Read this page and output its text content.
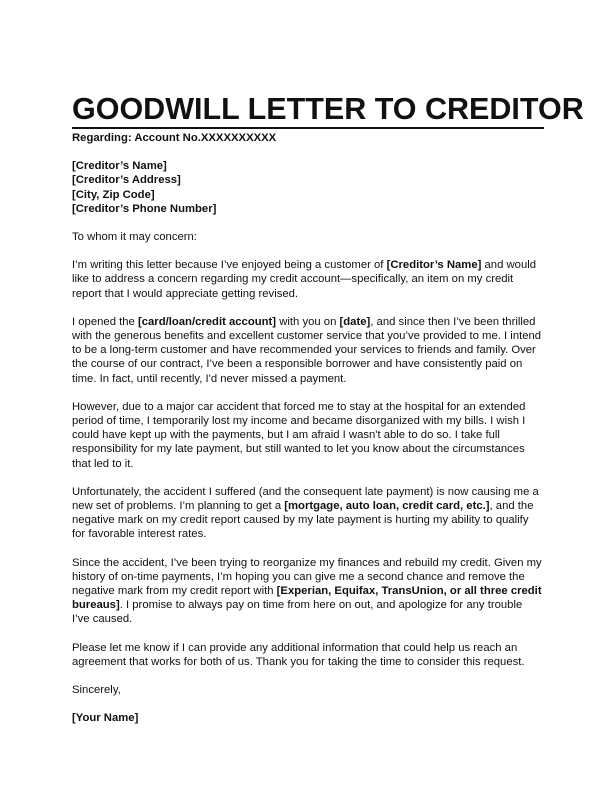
GOODWILL LETTER TO CREDITOR
Regarding: Account No.XXXXXXXXXX
[Creditor’s Name]
[Creditor’s Address]
[City, Zip Code]
[Creditor’s Phone Number]
To whom it may concern:
I’m writing this letter because I’ve enjoyed being a customer of [Creditor’s Name] and would like to address a concern regarding my credit account—specifically, an item on my credit report that I would appreciate getting revised.
I opened the [card/loan/credit account] with you on [date], and since then I’ve been thrilled with the generous benefits and excellent customer service that you’ve provided to me. I intend to be a long-term customer and have recommended your services to friends and family. Over the course of our contract, I’ve been a responsible borrower and have consistently paid on time. In fact, until recently, I'd never missed a payment.
However, due to a major car accident that forced me to stay at the hospital for an extended period of time, I temporarily lost my income and became disorganized with my bills. I wish I could have kept up with the payments, but I am afraid I wasn't able to do so. I take full responsibility for my late payment, but still wanted to let you know about the circumstances that led to it.
Unfortunately, the accident I suffered (and the consequent late payment) is now causing me a new set of problems. I’m planning to get a [mortgage, auto loan, credit card, etc.], and the negative mark on my credit report caused by my late payment is hurting my ability to qualify for favorable interest rates.
Since the accident, I’ve been trying to reorganize my finances and rebuild my credit. Given my history of on-time payments, I’m hoping you can give me a second chance and remove the negative mark from my credit report with [Experian, Equifax, TransUnion, or all three credit bureaus]. I promise to always pay on time from here on out, and apologize for any trouble I’ve caused.
Please let me know if I can provide any additional information that could help us reach an agreement that works for both of us. Thank you for taking the time to consider this request.
Sincerely,
[Your Name]
